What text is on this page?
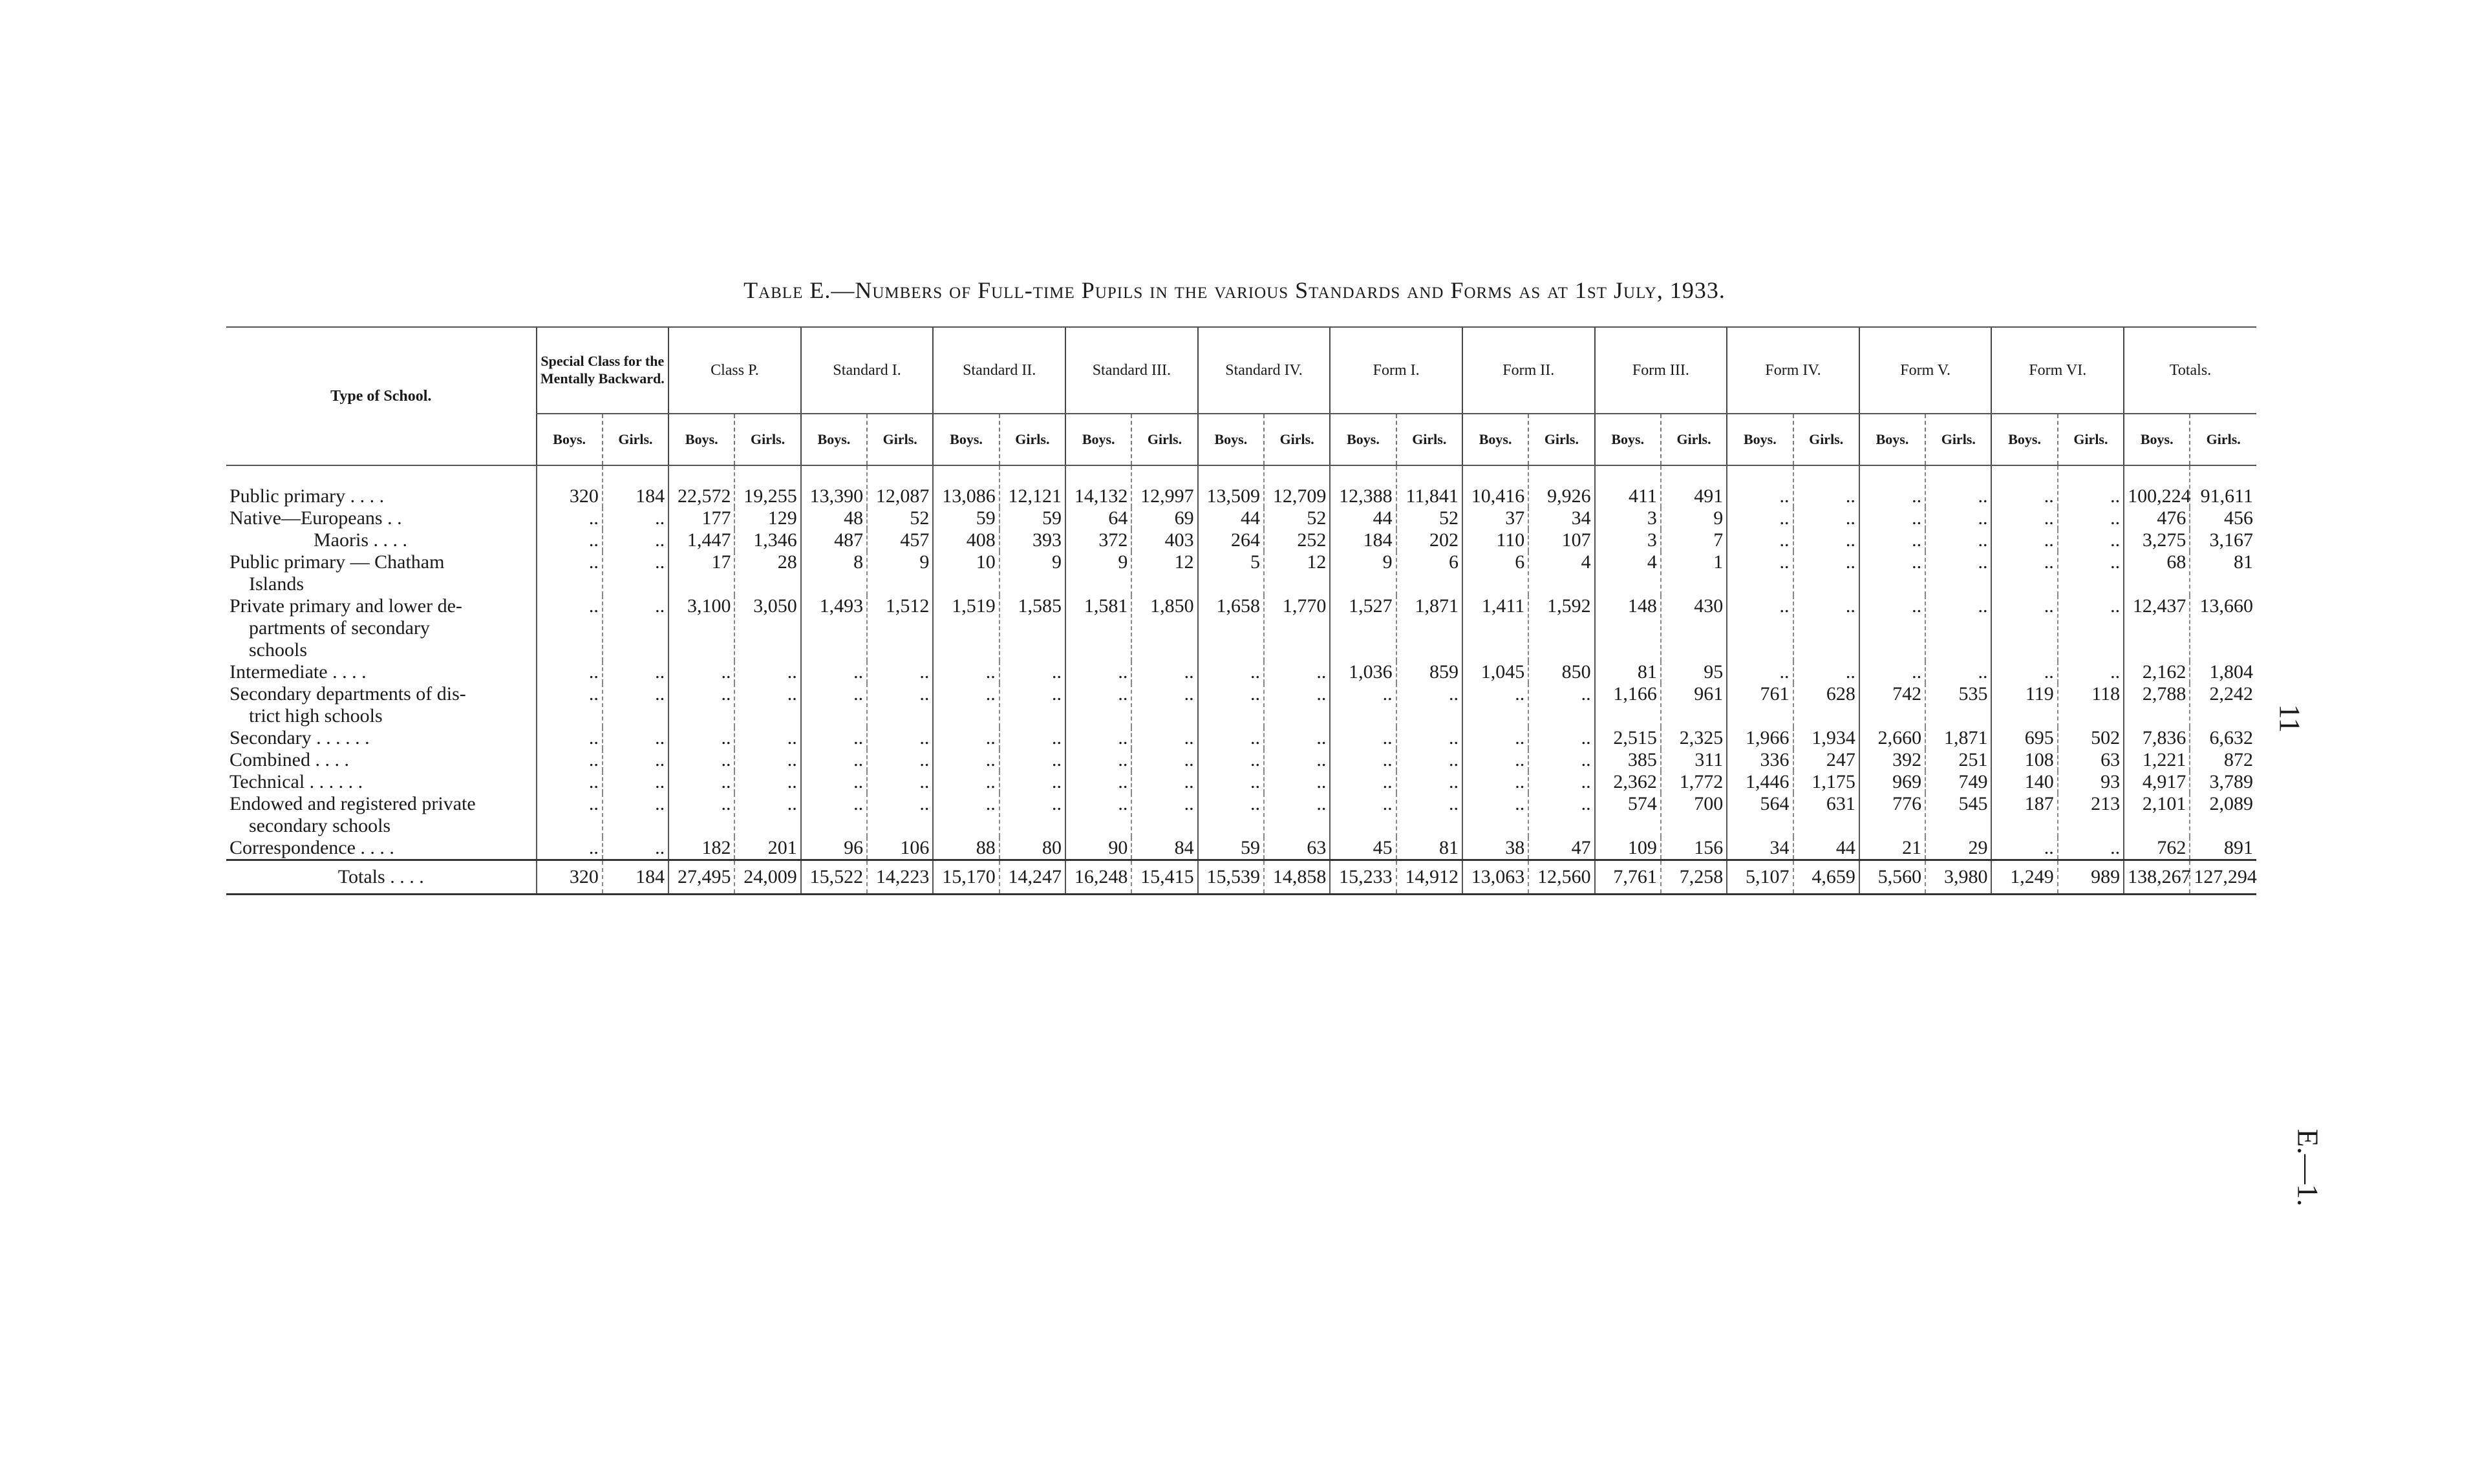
Table E.—Numbers of Full-time Pupils in the various Standards and Forms as at 1st July, 1933.
11
E.—1.
Type of School.	Special Class for the Mentally Backward.		Class P.		Standard I.		Standard II.		Standard III.		Standard IV.		Form I.		Form II.		Form III.		Form IV.		Form V.		Form VI.		Totals.	
	Boys.	Girls.	Boys.	Girls.	Boys.	Girls.	Boys.	Girls.	Boys.	Girls.	Boys.	Girls.	Boys.	Girls.	Boys.	Girls.	Boys.	Girls.	Boys.	Girls.	Boys.	Girls.	Boys.	Girls.	Boys.	Girls.

Public primary . . . .	320	184	22,572	19,255	13,390	12,087	13,086	12,121	14,132	12,997	13,509	12,709	12,388	11,841	10,416	9,926	411	491	..	..	..	..	..	..	100,224	91,611

Native—Europeans . .	..	..	177	129	48	52	59	59	64	69	44	52	44	52	37	34	3	9	..	..	..	..	..	..	476	456

Maoris . . . .	..	..	1,447	1,346	487	457	408	393	372	403	264	252	184	202	110	107	3	7	..	..	..	..	..	..	3,275	3,167

Public primary — Chatham
Islands	..	..	17	28	8	9	10	9	9	12	5	12	9	6	6	4	4	1	..	..	..	..	..	..	68	81

Private primary and lower de-
partments of secondary
schools	..	..	3,100	3,050	1,493	1,512	1,519	1,585	1,581	1,850	1,658	1,770	1,527	1,871	1,411	1,592	148	430	..	..	..	..	..	..	12,437	13,660

Intermediate . . . .	..	..	..	..	..	..	..	..	..	..	..	..	1,036	859	1,045	850	81	95	..	..	..	..	..	..	2,162	1,804

Secondary departments of dis-
trict high schools	..	..	..	..	..	..	..	..	..	..	..	..	..	..	..	..	1,166	961	761	628	742	535	119	118	2,788	2,242

Secondary . . . . . .	..	..	..	..	..	..	..	..	..	..	..	..	..	..	..	..	2,515	2,325	1,966	1,934	2,660	1,871	695	502	7,836	6,632

Combined . . . .	..	..	..	..	..	..	..	..	..	..	..	..	..	..	..	..	385	311	336	247	392	251	108	63	1,221	872

Technical . . . . . .	..	..	..	..	..	..	..	..	..	..	..	..	..	..	..	..	2,362	1,772	1,446	1,175	969	749	140	93	4,917	3,789

Endowed and registered private
secondary schools	..	..	..	..	..	..	..	..	..	..	..	..	..	..	..	..	574	700	564	631	776	545	187	213	2,101	2,089

Correspondence . . . .	..	..	182	201	96	106	88	80	90	84	59	63	45	81	38	47	109	156	34	44	21	29	..	..	762	891

Totals . . . .	320	184	27,495	24,009	15,522	14,223	15,170	14,247	16,248	15,415	15,539	14,858	15,233	14,912	13,063	12,560	7,761	7,258	5,107	4,659	5,560	3,980	1,249	989	138,267	127,294
